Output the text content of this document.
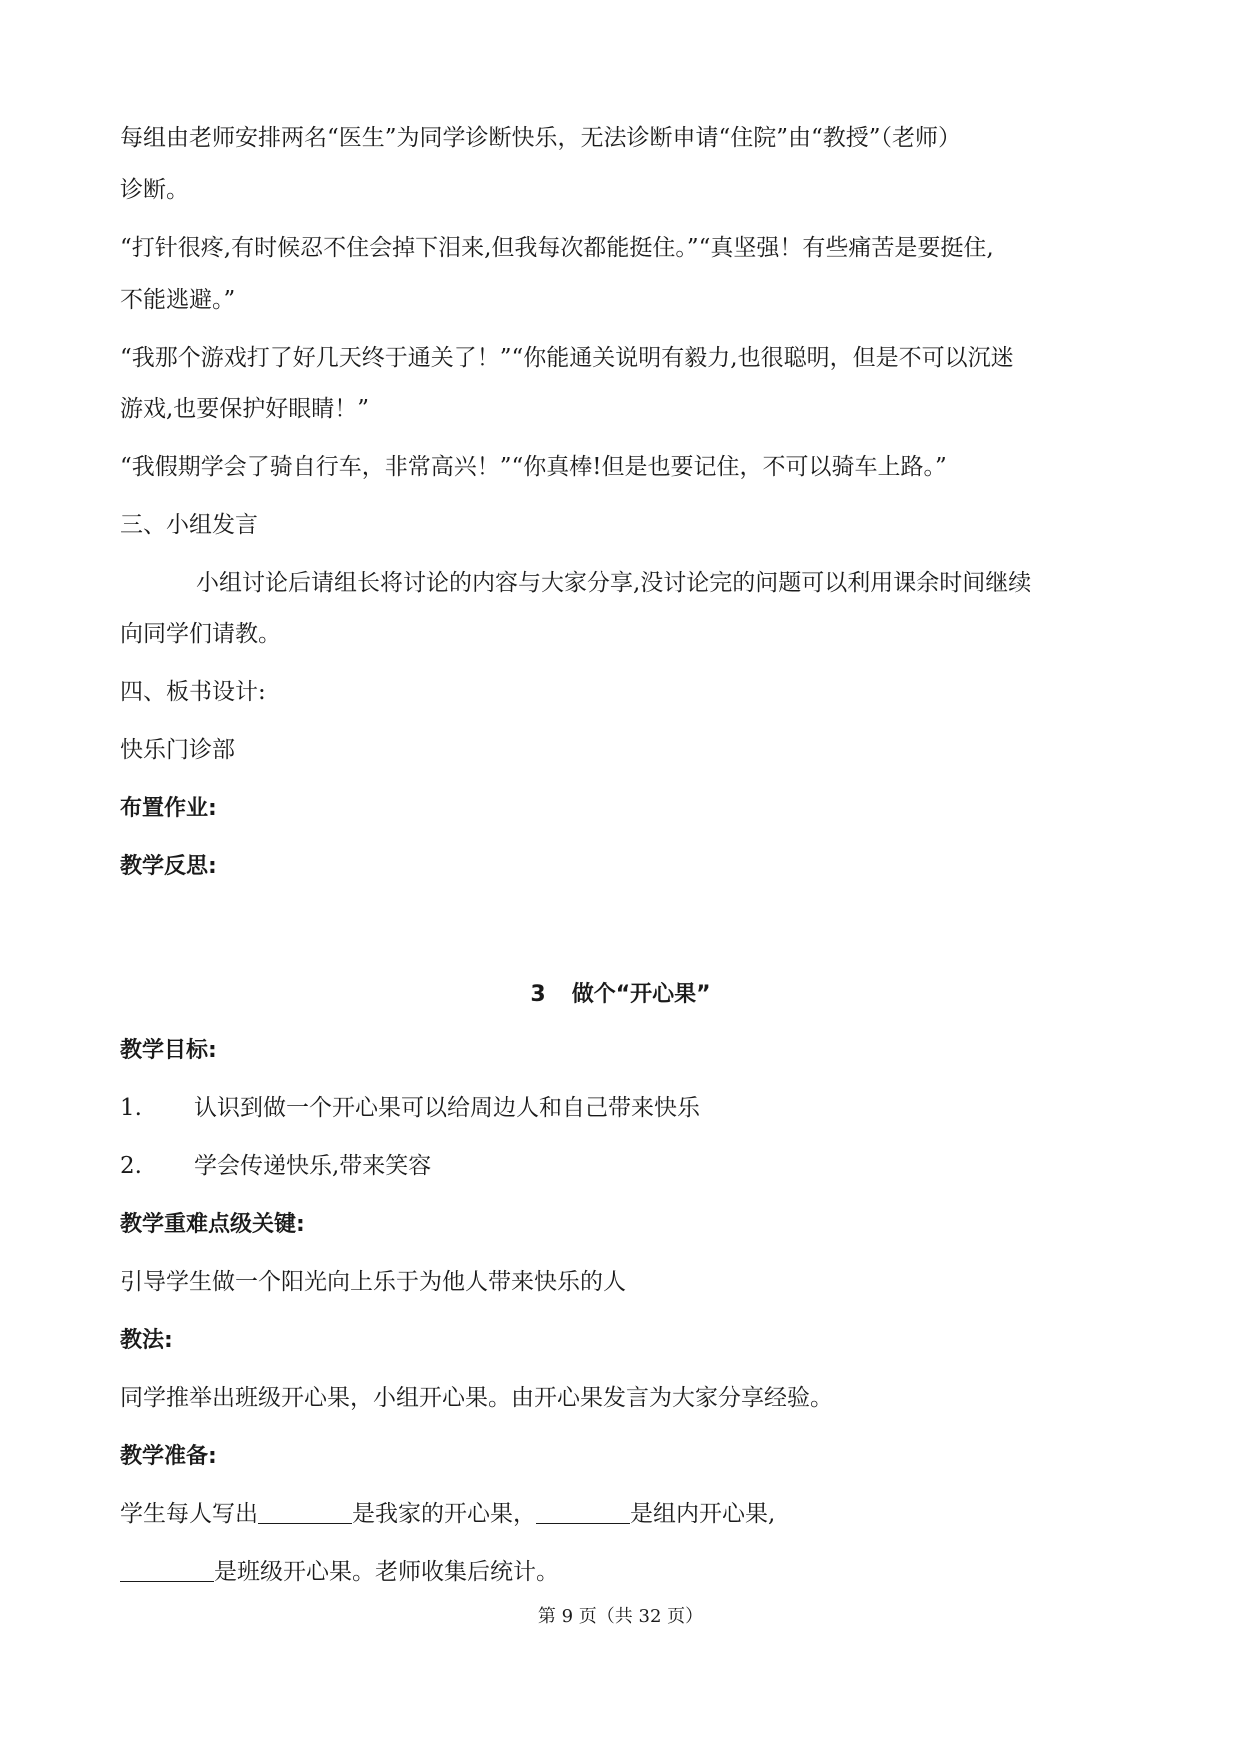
每组由老师安排两名“医生”为同学诊断快乐，无法诊断申请“住院”由“教授”（老师）

诊断。

“打针很疼,有时候忍不住会掉下泪来,但我每次都能挺住。”“真坚强！有些痛苦是要挺住,

不能逃避。”

“我那个游戏打了好几天终于通关了！”“你能通关说明有毅力,也很聪明，但是不可以沉迷

游戏,也要保护好眼睛！”

“我假期学会了骑自行车，非常高兴！”“你真棒!但是也要记住，不可以骑车上路。”

三、小组发言

小组讨论后请组长将讨论的内容与大家分享,没讨论完的问题可以利用课余时间继续

向同学们请教。

四、板书设计:

快乐门诊部

布置作业:

教学反思:

3 做个“开心果”

教学目标:

1. 认识到做一个开心果可以给周边人和自己带来快乐

2. 学会传递快乐,带来笑容

教学重难点级关键:

引导学生做一个阳光向上乐于为他人带来快乐的人

教法:

同学推举出班级开心果，小组开心果。由开心果发言为大家分享经验。

教学准备:

学生每人写出	是我家的开心果，	是组内开心果,

是班级开心果。老师收集后统计。

第 9 页（共 32 页）
